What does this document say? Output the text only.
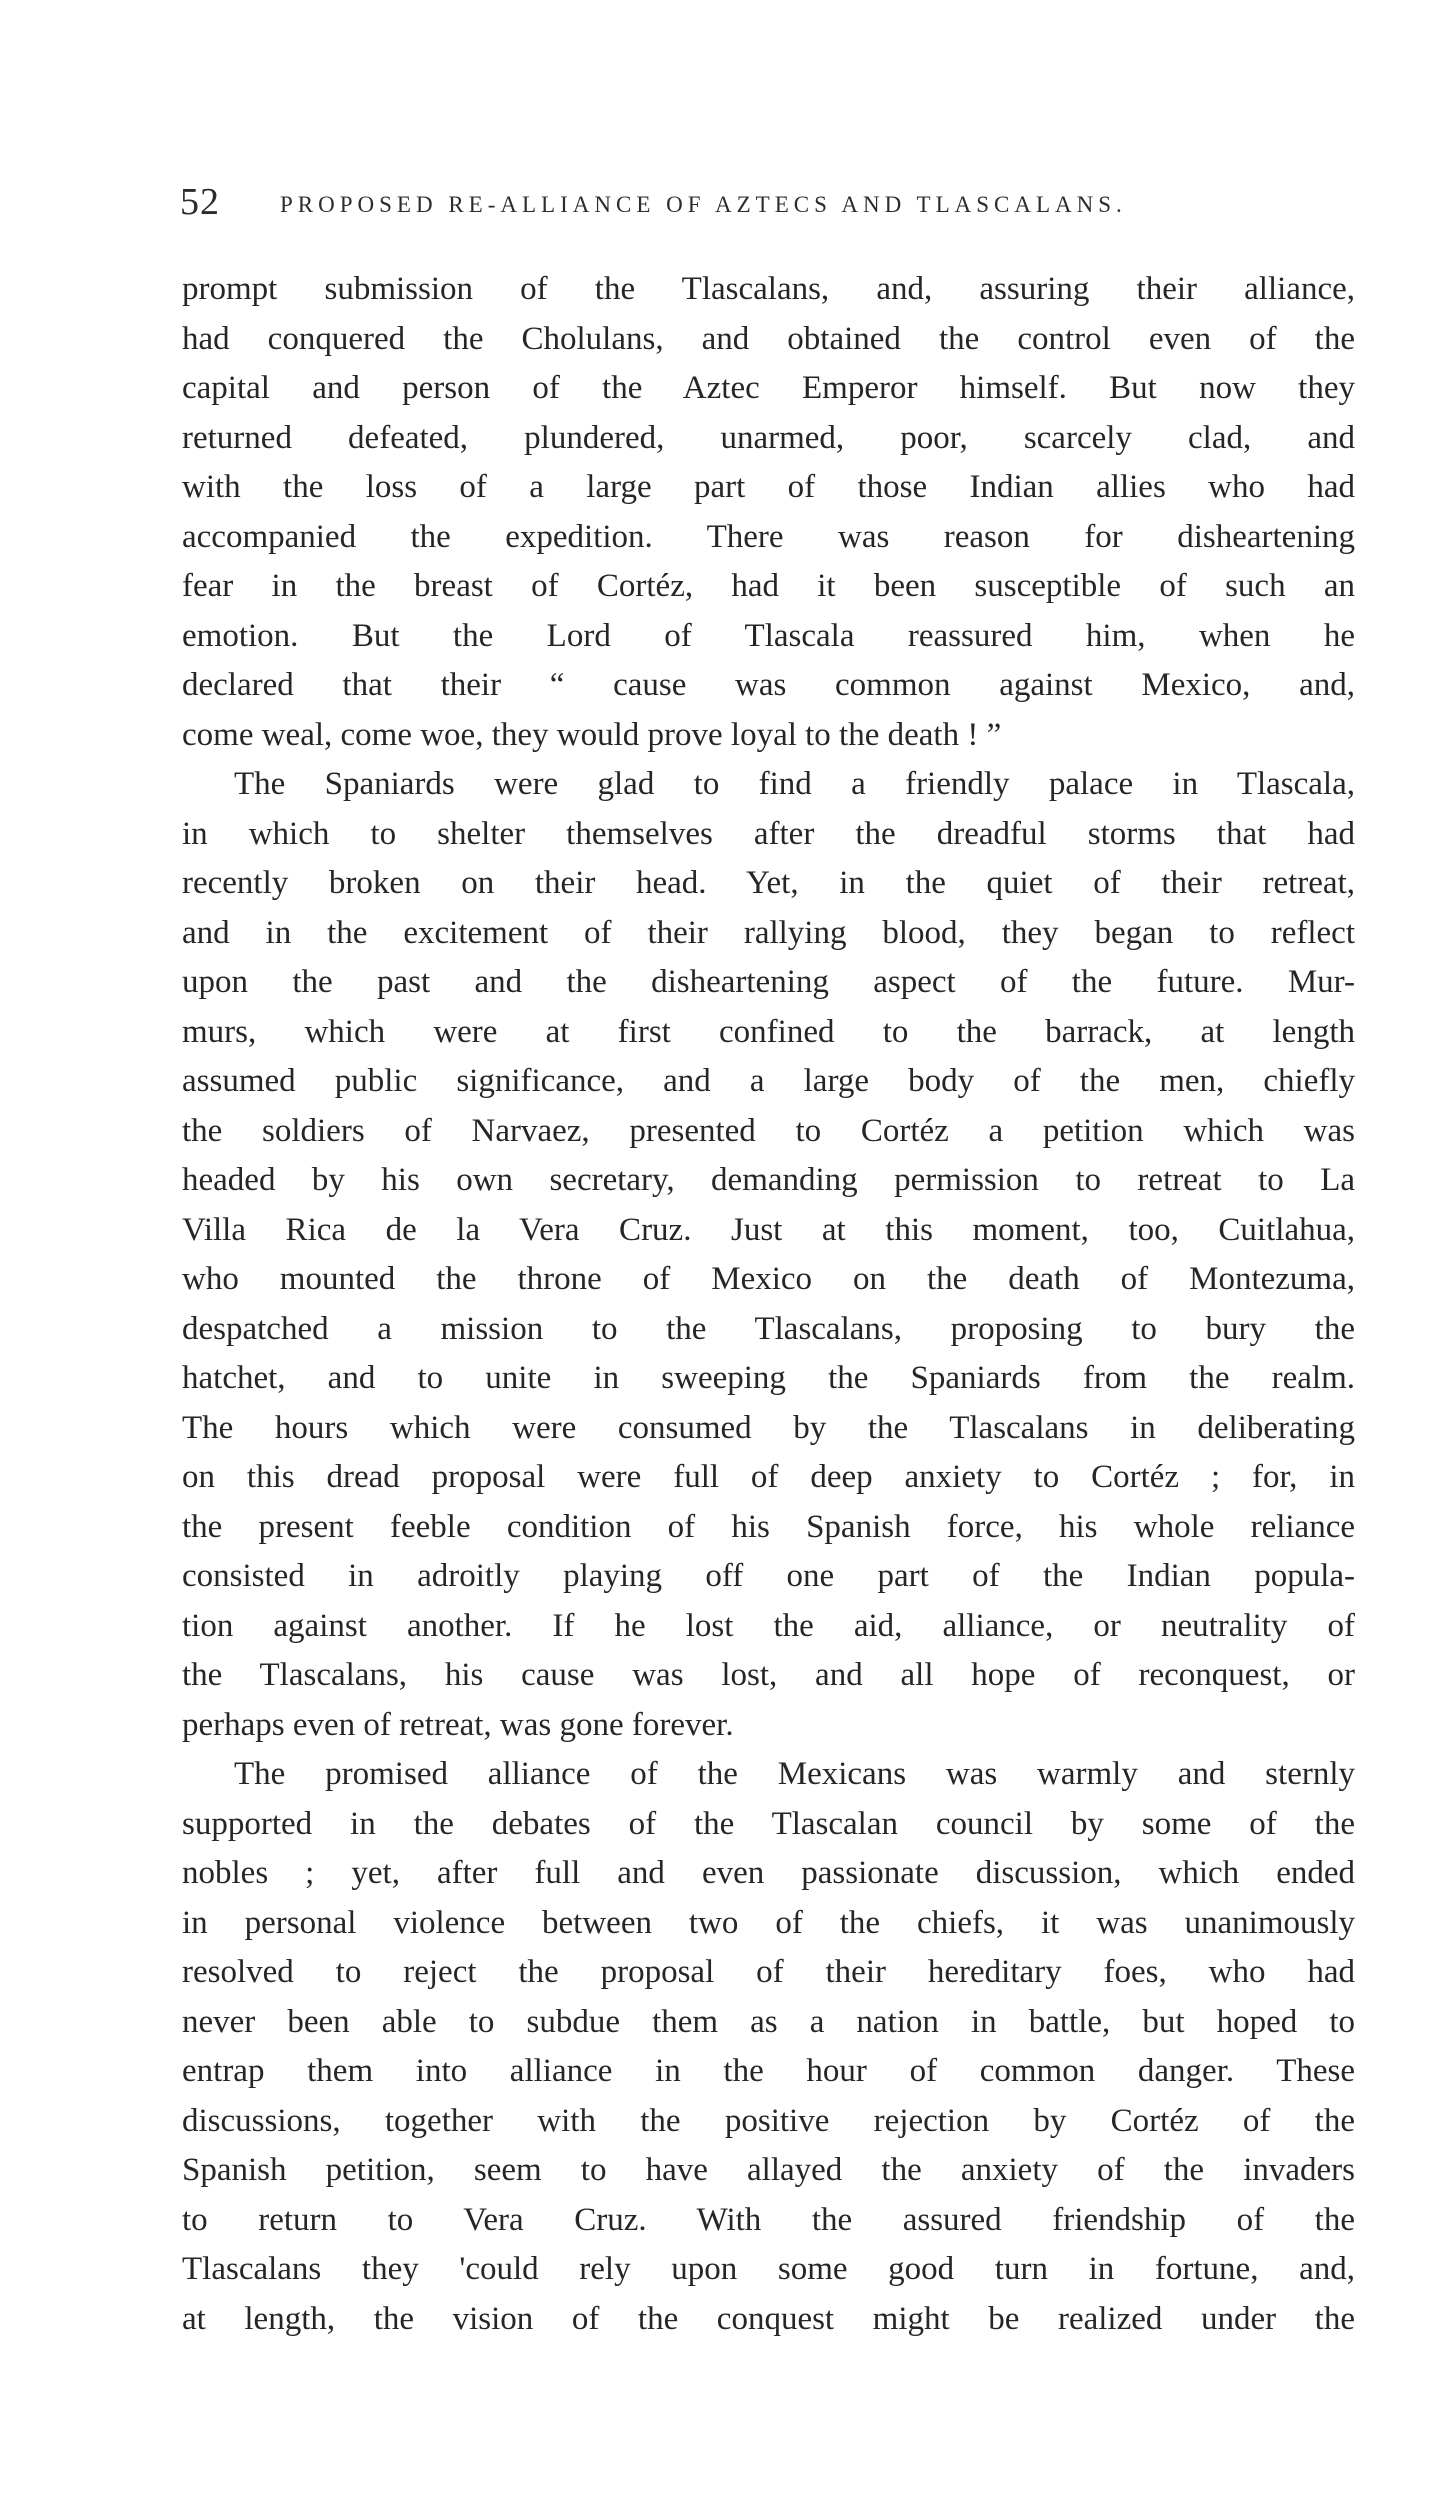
52	PROPOSED RE-ALLIANCE OF AZTECS AND TLASCALANS.
prompt submission of the Tlascalans, and, assuring their alliance,
had conquered the Cholulans, and obtained the control even of the
capital and person of the Aztec Emperor himself. But now they
returned defeated, plundered, unarmed, poor, scarcely clad, and
with the loss of a large part of those Indian allies who had
accompanied the expedition. There was reason for disheartening
fear in the breast of Cortéz, had it been susceptible of such an
emotion. But the Lord of Tlascala reassured him, when he
declared that their “ cause was common against Mexico, and,
come weal, come woe, they would prove loyal to the death ! ”
The Spaniards were glad to find a friendly palace in Tlascala,
in which to shelter themselves after the dreadful storms that had
recently broken on their head. Yet, in the quiet of their retreat,
and in the excitement of their rallying blood, they began to reflect
upon the past and the disheartening aspect of the future. Mur-
murs, which were at first confined to the barrack, at length
assumed public significance, and a large body of the men, chiefly
the soldiers of Narvaez, presented to Cortéz a petition which was
headed by his own secretary, demanding permission to retreat to La
Villa Rica de la Vera Cruz. Just at this moment, too, Cuitlahua,
who mounted the throne of Mexico on the death of Montezuma,
despatched a mission to the Tlascalans, proposing to bury the
hatchet, and to unite in sweeping the Spaniards from the realm.
The hours which were consumed by the Tlascalans in deliberating
on this dread proposal were full of deep anxiety to Cortéz ; for, in
the present feeble condition of his Spanish force, his whole reliance
consisted in adroitly playing off one part of the Indian popula-
tion against another. If he lost the aid, alliance, or neutrality of
the Tlascalans, his cause was lost, and all hope of reconquest, or
perhaps even of retreat, was gone forever.
The promised alliance of the Mexicans was warmly and sternly
supported in the debates of the Tlascalan council by some of the
nobles ; yet, after full and even passionate discussion, which ended
in personal violence between two of the chiefs, it was unanimously
resolved to reject the proposal of their hereditary foes, who had
never been able to subdue them as a nation in battle, but hoped to
entrap them into alliance in the hour of common danger. These
discussions, together with the positive rejection by Cortéz of the
Spanish petition, seem to have allayed the anxiety of the invaders
to return to Vera Cruz. With the assured friendship of the
Tlascalans they 'could rely upon some good turn in fortune, and,
at length, the vision of the conquest might be realized under the
